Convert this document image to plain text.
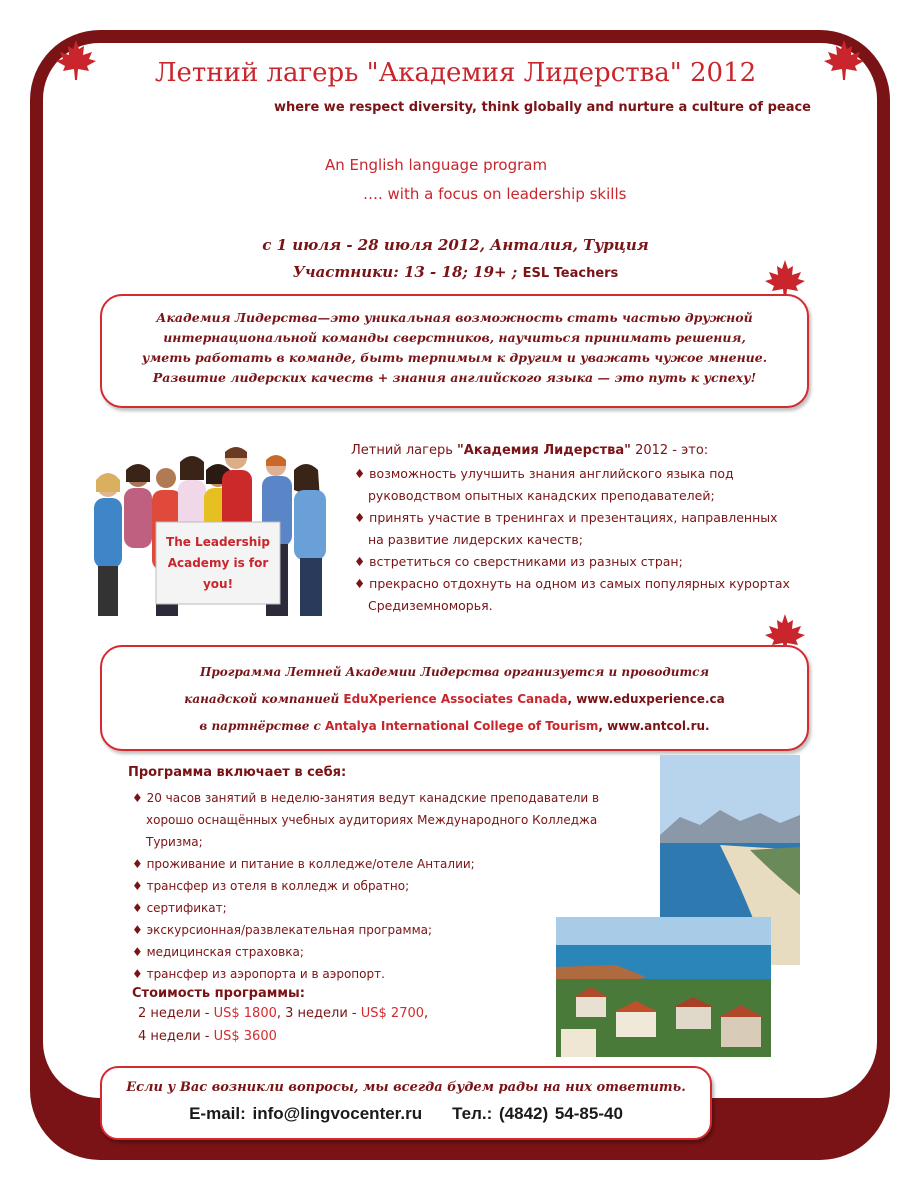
Летний лагерь "Академия Лидерства" 2012
where we respect diversity, think globally and nurture a culture of peace
An English language program
…. with a focus on leadership skills
с 1 июля - 28 июля 2012, Анталия, Турция
Участники: 13 - 18; 19+ ; ESL Teachers

Академия Лидерства—это уникальная возможность стать частью дружной

интернациональной команды сверстников, научиться принимать решения,

уметь работать в команде, быть терпимым к другим и уважать чужое мнение.

Развитие лидерских качеств + знания английского языка — это путь к успеху!

The Leadership
Academy is for
you!
Летний лагерь "Академия Лидерства" 2012 - это:
♦ возможность улучшить знания английского языка под руководством опытных канадских преподавателей;
♦ принять участие в тренингах и презентациях, направленных на развитие лидерских качеств;
♦ встретиться со сверстниками из разных стран;
♦ прекрасно отдохнуть на одном из самых популярных курортах Средиземноморья.

Программа Летней Академии Лидерства организуется и проводится

канадской компанией EduXperience Associates Canada, www.eduxperience.ca

в партнёрстве с Antalya International College of Tourism, www.antcol.ru.

Программа включает в себя:
♦ 20 часов занятий в неделю-занятия ведут канадские преподаватели в хорошо оснащённых учебных аудиториях Международного Колледжа Туризма;
♦ проживание и питание в колледже/отеле Анталии;
♦ трансфер из отеля в колледж и обратно;
♦ сертификат;
♦ экскурсионная/развлекательная программа;
♦ медицинская страховка;
♦ трансфер из аэропорта и в аэропорт.
Стоимость программы:
2 недели - US$ 1800, 3 недели - US$ 2700,
4 недели - US$ 3600
Если у Вас возникли вопросы, мы всегда будем рады на них ответить.
E-mail: info@lingvocenter.ru Тел.: (4842) 54-85-40
